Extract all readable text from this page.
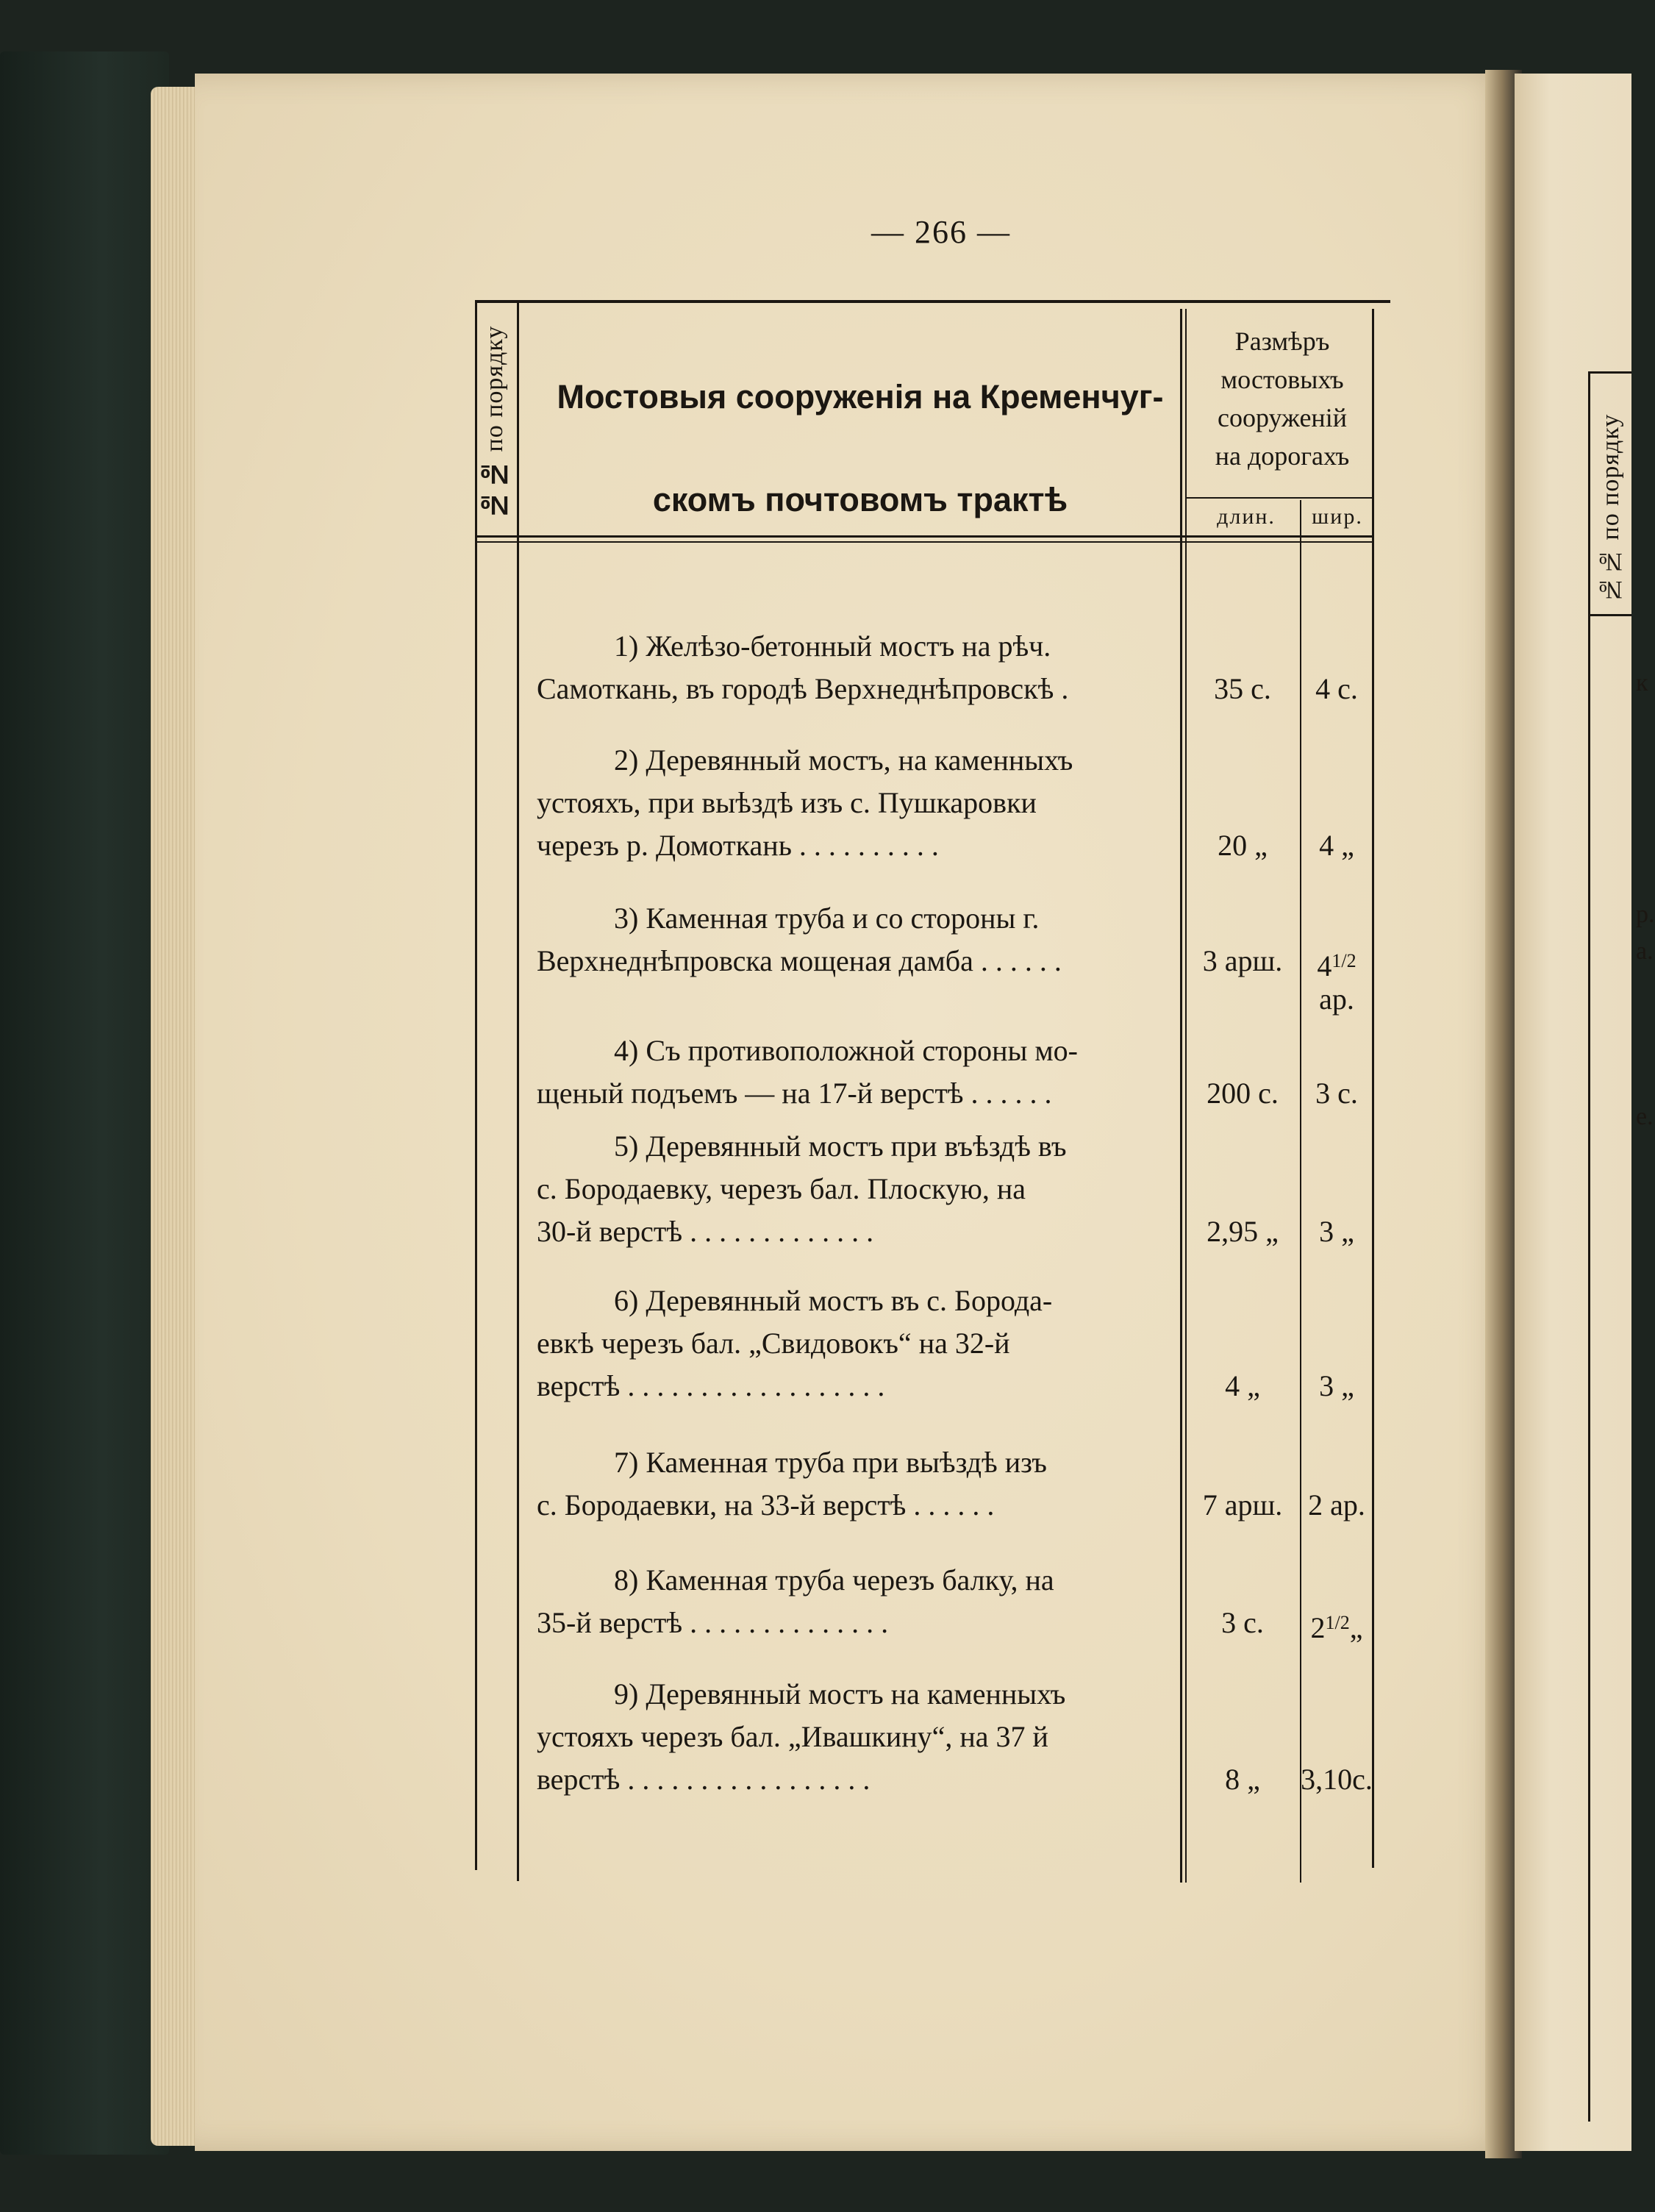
№№ по порядку
к
р.
а.
е.
— 266 —
№№ по порядку	Мостовыя сооруженія на Кременчуг-
скомъ почтовомъ трактѣ
Размѣръ
мостовыхъ
сооруженій
на дорогахъ
длин.	шир.
1) Желѣзо-бетонный мостъ на рѣч.
Самоткань, въ городѣ Верхнеднѣпровскѣ .	35 с.	4 с.
2) Деревянный мостъ, на каменныхъ
устояхъ, при выѣздѣ изъ с. Пушкаровки
черезъ р. Домоткань . . . . . . . . . .	20 „	4 „
3) Каменная труба и со стороны г.
Верхнеднѣпровска мощеная дамба . . . . . .	3 арш.	$4^{1/2}$
ар.
4) Съ противоположной стороны мо-
щеный подъемъ — на 17-й верстѣ . . . . . .	200 с.	3 с.
5) Деревянный мостъ при въѣздѣ въ
с. Бородаевку, черезъ бал. Плоскую, на
30-й верстѣ . . . . . . . . . . . . .	2,95 „	3 „
6) Деревянный мостъ въ с. Борода-
евкѣ черезъ бал. „Свидовокъ“ на 32-й
верстѣ . . . . . . . . . . . . . . . . . .	4 „	3 „
7) Каменная труба при выѣздѣ изъ
с. Бородаевки, на 33-й верстѣ . . . . . .	7 арш. 2 ар.
8) Каменная труба черезъ балку, на
35-й верстѣ . . . . . . . . . . . . . .	3 с.	$2^{1/2}„$
9) Деревянный мостъ на каменныхъ
устояхъ черезъ бал. „Ивашкину“, на 37 й
верстѣ . . . . . . . . . . . . . . . . .	8 „	3,10с.
